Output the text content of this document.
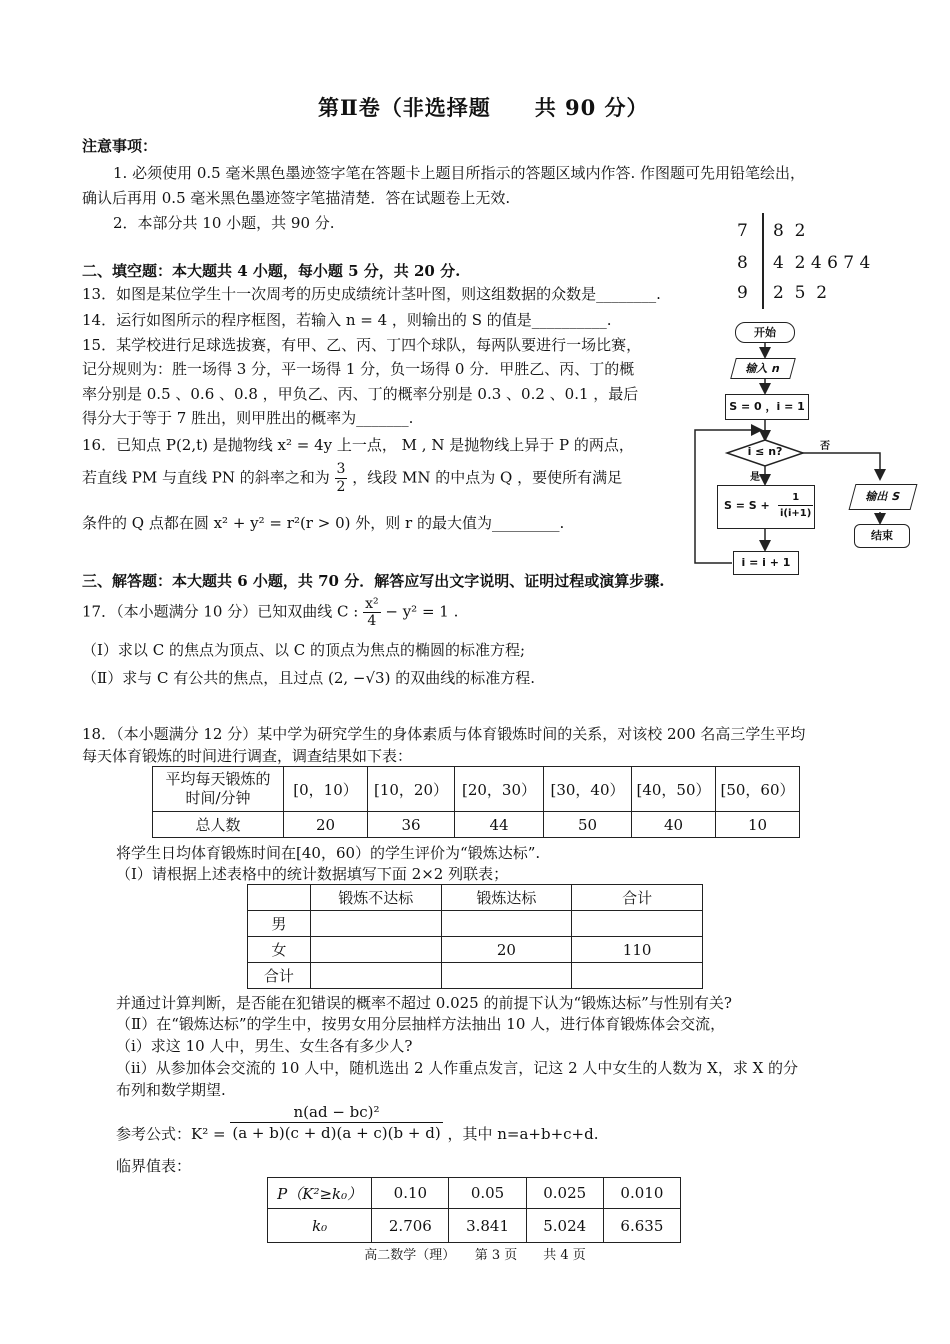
第Ⅱ卷（非选择题　　共 90 分）
注意事项：
1. 必须使用 0.5 毫米黑色墨迹签字笔在答题卡上题目所指示的答题区域内作答. 作图题可先用铅笔绘出，
确认后再用 0.5 毫米黑色墨迹签字笔描清楚．答在试题卷上无效.
2．本部分共 10 小题，共 90 分.	7 8  2
8 4  2 4 6 7 4
9 2  5  2
二、填空题：本大题共 4 小题，每小题 5 分，共 20 分.
13．如图是某位学生十一次周考的历史成绩统计茎叶图，则这组数据的众数是________.
14．运行如图所示的程序框图，若输入 n = 4 ，则输出的 S 的值是__________.
15．某学校进行足球选拔赛，有甲、乙、丙、丁四个球队，每两队要进行一场比赛，
记分规则为：胜一场得 3 分，平一场得 1 分，负一场得 0 分．甲胜乙、丙、丁的概
率分别是 0.5 、0.6 、0.8 ，甲负乙、丙、丁的概率分别是 0.3 、0.2 、0.1 ，最后
得分大于等于 7 胜出，则甲胜出的概率为_______.
16．已知点 P(2,t) 是抛物线 x² = 4y 上一点， M , N 是抛物线上异于 P 的两点，
若直线 PM 与直线 PN 的斜率之和为 $\frac{3}{2}$ ，线段 MN 的中点为 Q ，要使所有满足
条件的 Q 点都在圆 x² + y² = r²(r > 0) 外，则 r 的最大值为_________.
开始
输入 n
S = 0 ，i = 1
i ≤ n?
是
否
$S = S + \frac{1}{i(i+1)}$
i = i + 1
输出 S
结束
三、解答题：本大题共 6 小题，共 70 分．解答应写出文字说明、证明过程或演算步骤.
17．（本小题满分 10 分）已知双曲线 C : $\frac{\text{x²}}{4} - y^2 = 1$ .
（Ⅰ）求以 C 的焦点为顶点、以 C 的顶点为焦点的椭圆的标准方程;
（Ⅱ）求与 C 有公共的焦点，且过点 (2, −√3) 的双曲线的标准方程.
18．（本小题满分 12 分）某中学为研究学生的身体素质与体育锻炼时间的关系，对该校 200 名高三学生平均
每天体育锻炼的时间进行调查，调查结果如下表：
平均每天锻炼的
时间/分钟	[0，10）	[10，20）	[20，30）	[30，40）	[40，50）	[50，60）
总人数	20	36	44	50	40	10
将学生日均体育锻炼时间在[40，60）的学生评价为“锻炼达标”.
（Ⅰ）请根据上述表格中的统计数据填写下面 2×2 列联表；
	锻炼不达标	锻炼达标	合计
男			
女		20	110
合计			
并通过计算判断，是否能在犯错误的概率不超过 0.025 的前提下认为“锻炼达标”与性别有关?
（Ⅱ）在“锻炼达标”的学生中，按男女用分层抽样方法抽出 10 人，进行体育锻炼体会交流，
（ⅰ）求这 10 人中，男生、女生各有多少人?
（ⅱ）从参加体会交流的 10 人中，随机选出 2 人作重点发言，记这 2 人中女生的人数为 X，求 X 的分
布列和数学期望.
参考公式：$K^2 = \frac{\text{n(ad − bc)²}}{(a + b)(c + d)(a + c)(b + d)}$ ，其中 n=a+b+c+d.
临界值表：
P（K²≥k₀）	0.10	0.05	0.025	0.010
k₀	2.706	3.841	5.024	6.635
高二数学（理）　　第 3 页　　共 4 页
